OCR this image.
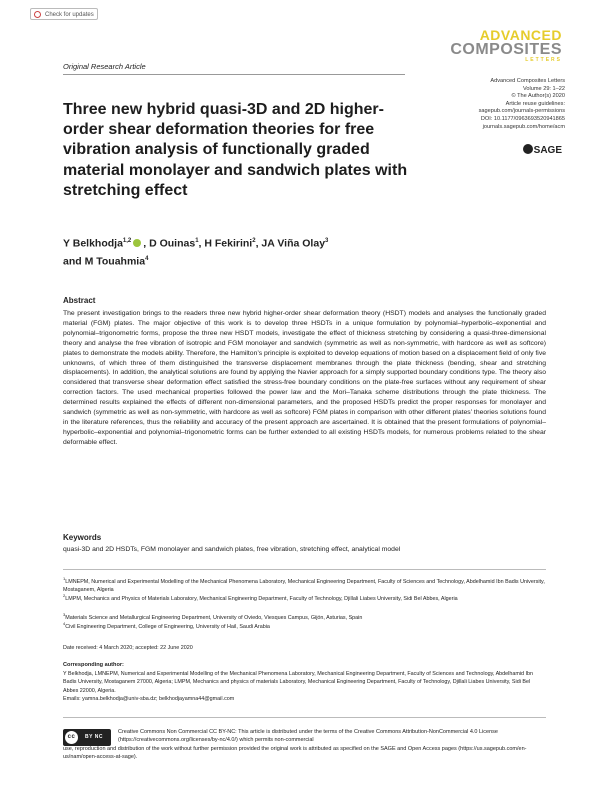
Check for updates
ADVANCED
COMPOSITES
LETTERS
Original Research Article
Advanced Composites Letters
Volume 29: 1–22
© The Author(s) 2020
Article reuse guidelines:
sagepub.com/journals-permissions
DOI: 10.1177/0963693520941865
journals.sagepub.com/home/acm
SAGE
Three new hybrid quasi-3D and 2D higher-order shear deformation theories for free vibration analysis of functionally graded material monolayer and sandwich plates with stretching effect
Y Belkhodja$^{1,2}$ , D Ouinas$^1$, H Fekirini$^2$, JA Viña Olay$^3$
and M Touahmia$^4$
Abstract
The present investigation brings to the readers three new hybrid higher-order shear deformation theory (HSDT) models and analyses the functionally graded material (FGM) plates. The major objective of this work is to develop three HSDTs in a unique formulation by polynomial–hyperbolic–exponential and polynomial–trigonometric forms, propose the three new HSDT models, investigate the effect of thickness stretching by considering a quasi-three-dimensional theory and analyse the free vibration of isotropic and FGM monolayer and sandwich (symmetric as well as non-symmetric, with hardcore as well as softcore) plates to demonstrate the models ability. Therefore, the Hamilton’s principle is exploited to develop equations of motion based on a displacement field of only five unknowns, of which three of them distinguished the transverse displacement membranes through the plate thickness (bending, shear and stretching displacements). In addition, the analytical solutions are found by applying the Navier approach for a simply supported boundary conditions type. The theory also considered that transverse shear deformation effect satisfied the stress-free boundary conditions on the plate-free surfaces without any requirement of shear correction factors. The used mechanical properties followed the power law and the Mori–Tanaka scheme distributions through the plate thickness. The determined results explained the effects of different non-dimensional parameters, and the proposed HSDTs predict the proper responses for monolayer and sandwich (symmetric as well as non-symmetric, with hardcore as well as softcore) FGM plates in comparison with other different plates’ theories solutions found in the literature references, thus the reliability and accuracy of the present approach are ascertained. It is obtained that the present formulations of polynomial–hyperbolic–exponential and polynomial–trigonometric forms can be further extended to all existing HSDTs models, for numerous problems related to the shear deformable effect.
Keywords
quasi-3D and 2D HSDTs, FGM monolayer and sandwich plates, free vibration, stretching effect, analytical model
$^1$LMNEPM, Numerical and Experimental Modelling of the Mechanical Phenomena Laboratory, Mechanical Engineering Department, Faculty of Sciences and Technology, Abdelhamid Ibn Badis University, Mostaganem, Algeria
$^2$LMPM, Mechanics and Physics of Materials Laboratory, Mechanical Engineering Department, Faculty of Technology, Djillali Liabes University, Sidi Bel Abbes, Algeria
$^3$Materials Science and Metallurgical Engineering Department, University of Oviedo, Viesques Campus, Gijón, Asturias, Spain
$^4$Civil Engineering Department, College of Engineering, University of Hail, Saudi Arabia
Date received: 4 March 2020; accepted: 22 June 2020
Corresponding author:
Y Belkhodja, LMNEPM, Numerical and Experimental Modelling of the Mechanical Phenomena Laboratory, Mechanical Engineering Department, Faculty of Sciences and Technology, Abdelhamid Ibn Badis University, Mostaganem 27000, Algeria; LMPM, Mechanics and physics of materials Laboratory, Mechanical Engineering Department, Faculty of Technology, Djillali Liabes University, Sidi Bel Abbes 22000, Algeria.
Emails: yamna.belkhodja@univ-sba.dz; belkhodjayamna44@gmail.com
cc	BY NC
Creative Commons Non Commercial CC BY-NC: This article is distributed under the terms of the Creative Commons Attribution-NonCommercial 4.0 License (https://creativecommons.org/licenses/by-nc/4.0/) which permits non-commercial
use, reproduction and distribution of the work without further permission provided the original work is attributed as specified on the SAGE and Open Access pages (https://us.sagepub.com/en-us/nam/open-access-at-sage).
